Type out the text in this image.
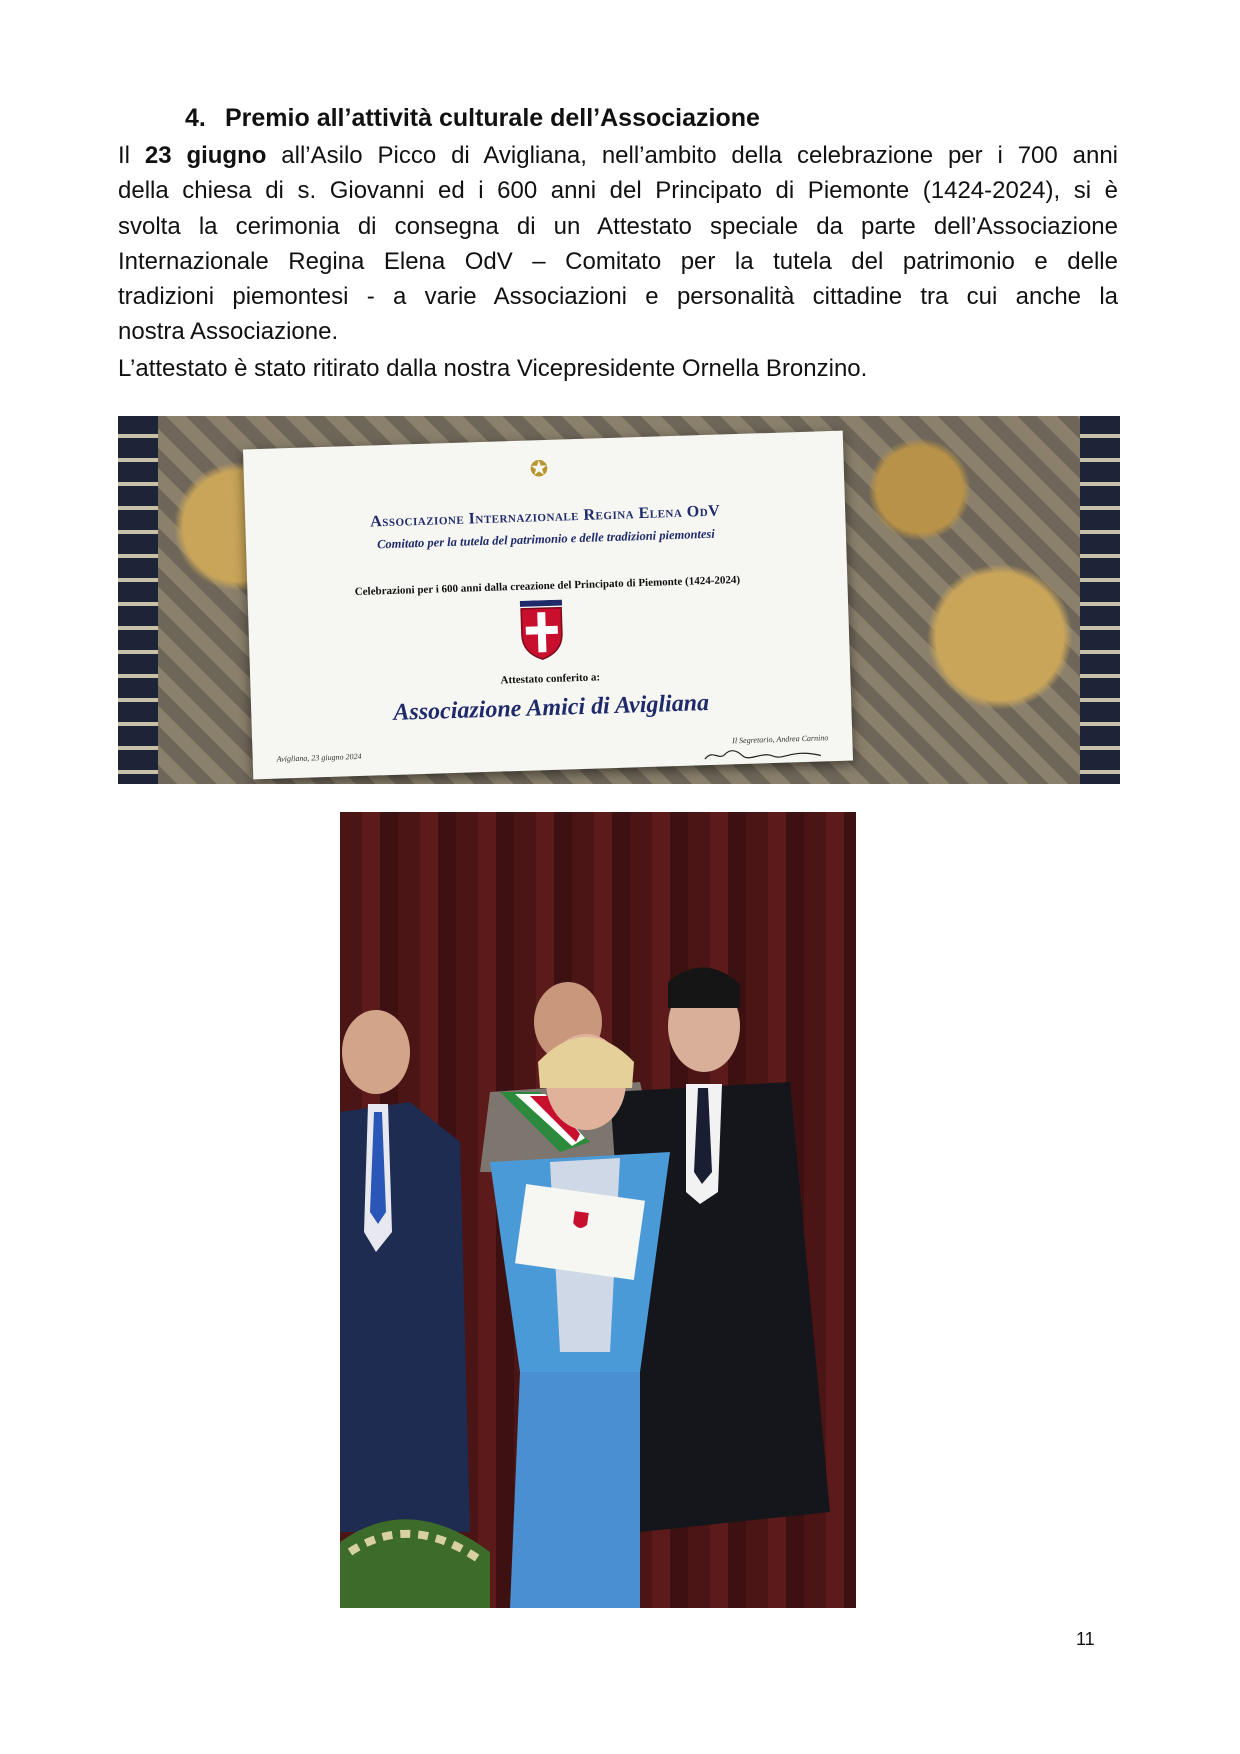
4. Premio all’attività culturale dell’Associazione

Il 23 giugno all’Asilo Picco di Avigliana, nell’ambito della celebrazione per i 700 anni

della chiesa di s. Giovanni ed i 600 anni del Principato di Piemonte (1424-2024), si è

svolta la cerimonia di consegna di un Attestato speciale da parte dell’Associazione

Internazionale Regina Elena OdV – Comitato per la tutela del patrimonio e delle

tradizioni piemontesi - a varie Associazioni e personalità cittadine tra cui anche la

nostra Associazione.

L’attestato è stato ritirato dalla nostra Vicepresidente Ornella Bronzino.

✪
Associazione Internazionale Regina Elena OdV
Comitato per la tutela del patrimonio e delle tradizioni piemontesi
Celebrazioni per i 600 anni dalla creazione del Principato di Piemonte (1424-2024)
Attestato conferito a:
Associazione Amici di Avigliana
Avigliana, 23 giugno 2024
Il Segretario, Andrea Carnino

11
